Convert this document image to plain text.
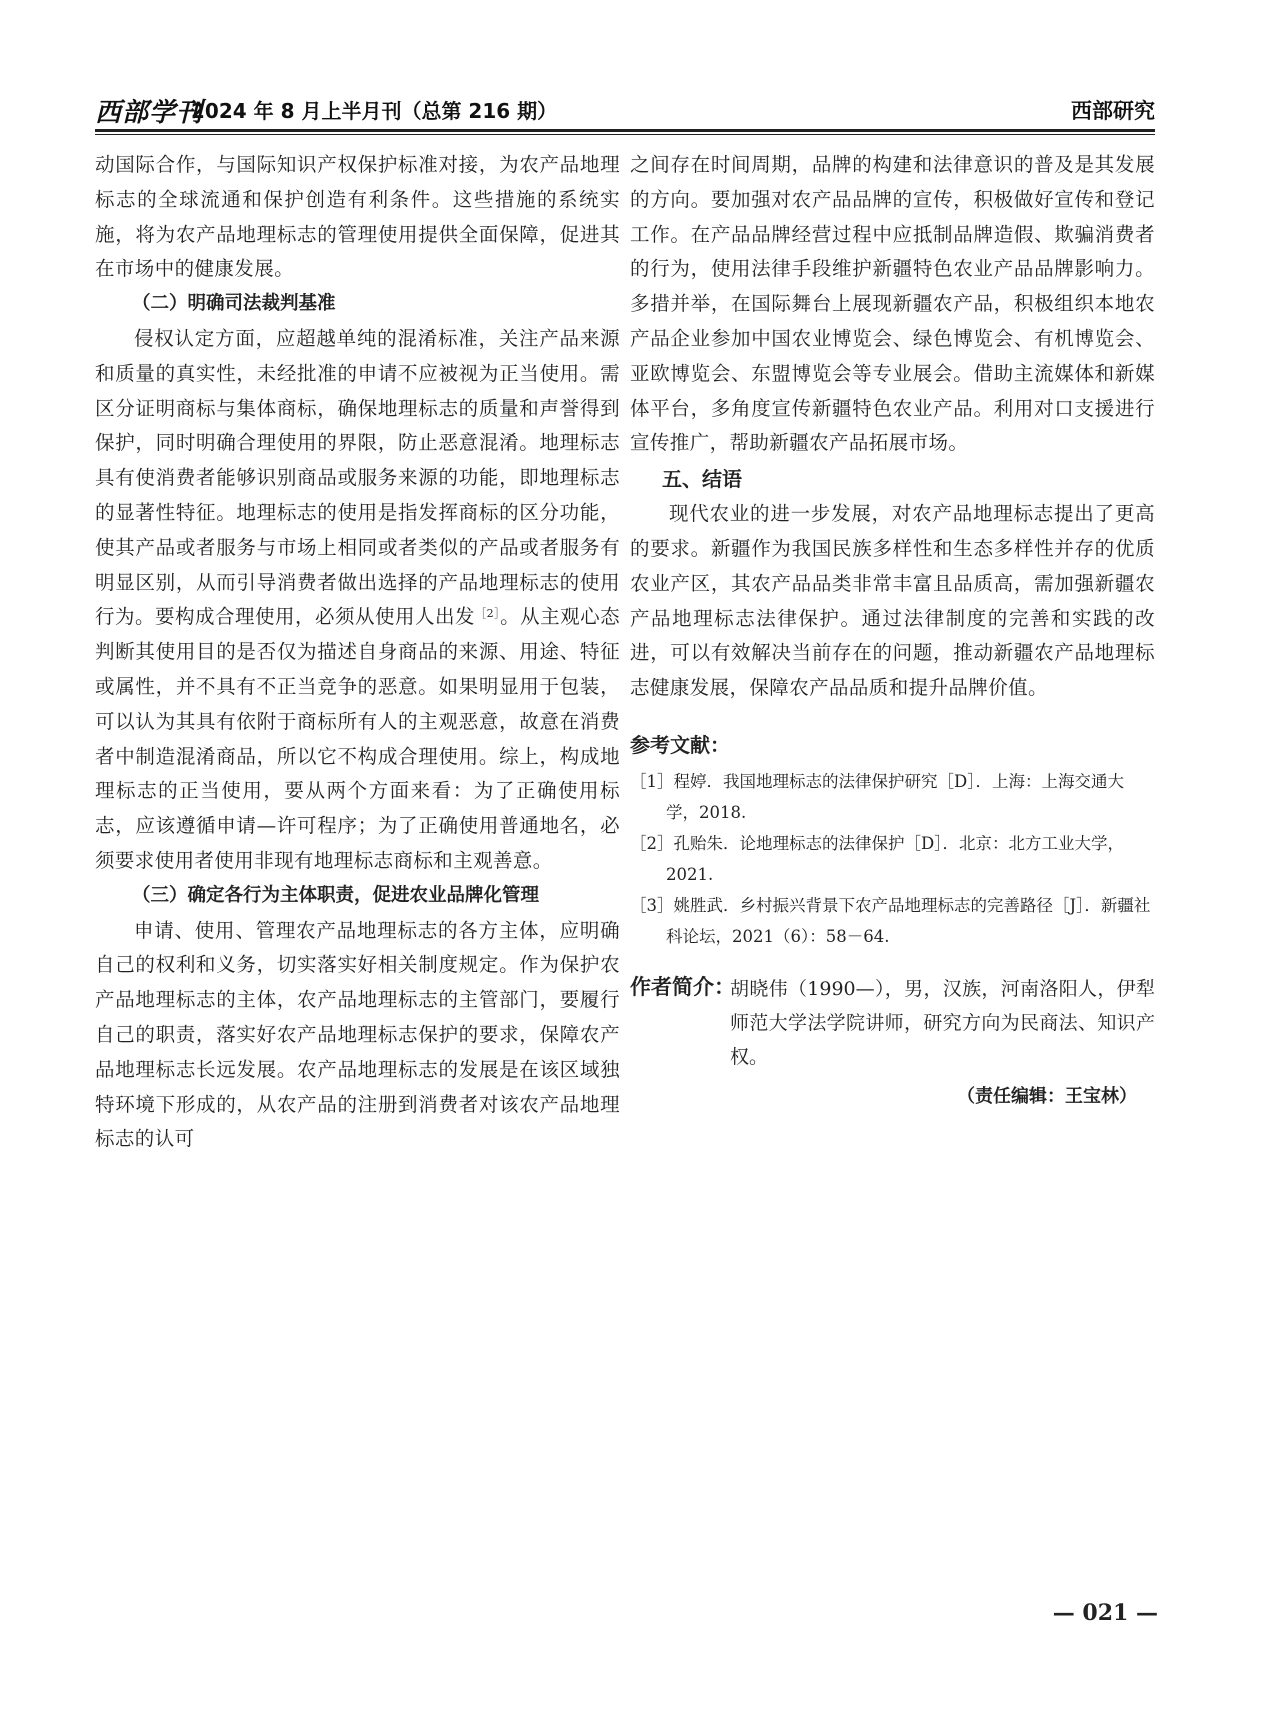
西部学刊
2024 年 8 月上半月刊（总第 216 期）	西部研究

动国际合作，与国际知识产权保护标准对接，为农产品地理标志的全球流通和保护创造有利条件。这些措施的系统实施，将为农产品地理标志的管理使用提供全面保障，促进其在市场中的健康发展。

（二）明确司法裁判基准

侵权认定方面，应超越单纯的混淆标准，关注产品来源和质量的真实性，未经批准的申请不应被视为正当使用。需区分证明商标与集体商标，确保地理标志的质量和声誉得到保护，同时明确合理使用的界限，防止恶意混淆。地理标志具有使消费者能够识别商品或服务来源的功能，即地理标志的显著性特征。地理标志的使用是指发挥商标的区分功能，使其产品或者服务与市场上相同或者类似的产品或者服务有明显区别，从而引导消费者做出选择的产品地理标志的使用行为。要构成合理使用，必须从使用人出发$^{[2]}$。从主观心态判断其使用目的是否仅为描述自身商品的来源、用途、特征或属性，并不具有不正当竞争的恶意。如果明显用于包装，可以认为其具有依附于商标所有人的主观恶意，故意在消费者中制造混淆商品，所以它不构成合理使用。综上，构成地理标志的正当使用，要从两个方面来看：为了正确使用标志，应该遵循申请—许可程序；为了正确使用普通地名，必须要求使用者使用非现有地理标志商标和主观善意。

（三）确定各行为主体职责，促进农业品牌化管理

申请、使用、管理农产品地理标志的各方主体，应明确自己的权利和义务，切实落实好相关制度规定。作为保护农产品地理标志的主体，农产品地理标志的主管部门，要履行自己的职责，落实好农产品地理标志保护的要求，保障农产品地理标志长远发展。农产品地理标志的发展是在该区域独特环境下形成的，从农产品的注册到消费者对该农产品地理标志的认可

之间存在时间周期，品牌的构建和法律意识的普及是其发展的方向。要加强对农产品品牌的宣传，积极做好宣传和登记工作。在产品品牌经营过程中应抵制品牌造假、欺骗消费者的行为，使用法律手段维护新疆特色农业产品品牌影响力。多措并举，在国际舞台上展现新疆农产品，积极组织本地农产品企业参加中国农业博览会、绿色博览会、有机博览会、亚欧博览会、东盟博览会等专业展会。借助主流媒体和新媒体平台，多角度宣传新疆特色农业产品。利用对口支援进行宣传推广，帮助新疆农产品拓展市场。

五、结语

现代农业的进一步发展，对农产品地理标志提出了更高的要求。新疆作为我国民族多样性和生态多样性并存的优质农业产区，其农产品品类非常丰富且品质高，需加强新疆农产品地理标志法律保护。通过法律制度的完善和实践的改进，可以有效解决当前存在的问题，推动新疆农产品地理标志健康发展，保障农产品品质和提升品牌价值。

参考文献：

［1］程婷．我国地理标志的法律保护研究［D］．上海：上海交通大学，2018.

［2］孔贻朱．论地理标志的法律保护［D］．北京：北方工业大学，2021.

［3］姚胜武．乡村振兴背景下农产品地理标志的完善路径［J］．新疆社科论坛，2021（6）：58－64.

作者简介：
胡晓伟（1990—），男，汉族，河南洛阳人，伊犁师范大学法学院讲师，研究方向为民商法、知识产权。
（责任编辑：王宝林）
— 021 —
